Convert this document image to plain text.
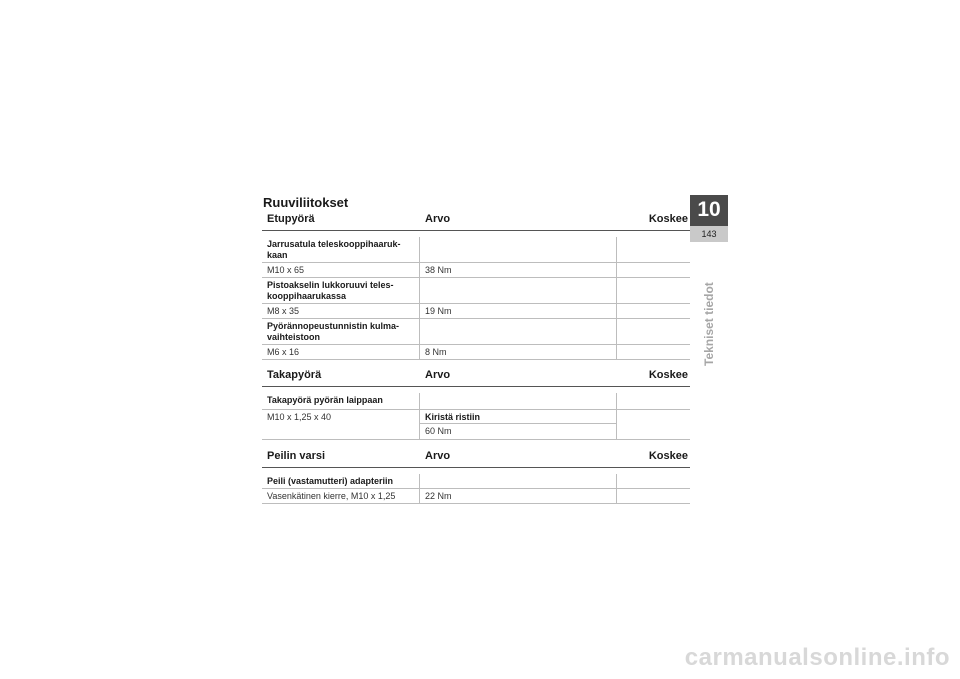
Ruuviliitokset
Etupyörä	Arvo	Koskee
Jarrusatula teleskooppihaaruk-kaan
M10 x 65	38 Nm
Pistoakselin lukkoruuvi teles-kooppihaarukassa
M8 x 35	19 Nm
Pyörännopeustunnistin kulma-vaihteistoon
M6 x 16	8 Nm
Takapyörä	Arvo	Koskee
Takapyörä pyörän laippaan
M10 x 1,25 x 40	Kiristä ristiin
60 Nm
Peilin varsi	Arvo	Koskee
Peili (vastamutteri) adapteriin
Vasenkätinen kierre, M10 x 1,25	22 Nm
10
143
Tekniset tiedot
carmanualsonline.info
